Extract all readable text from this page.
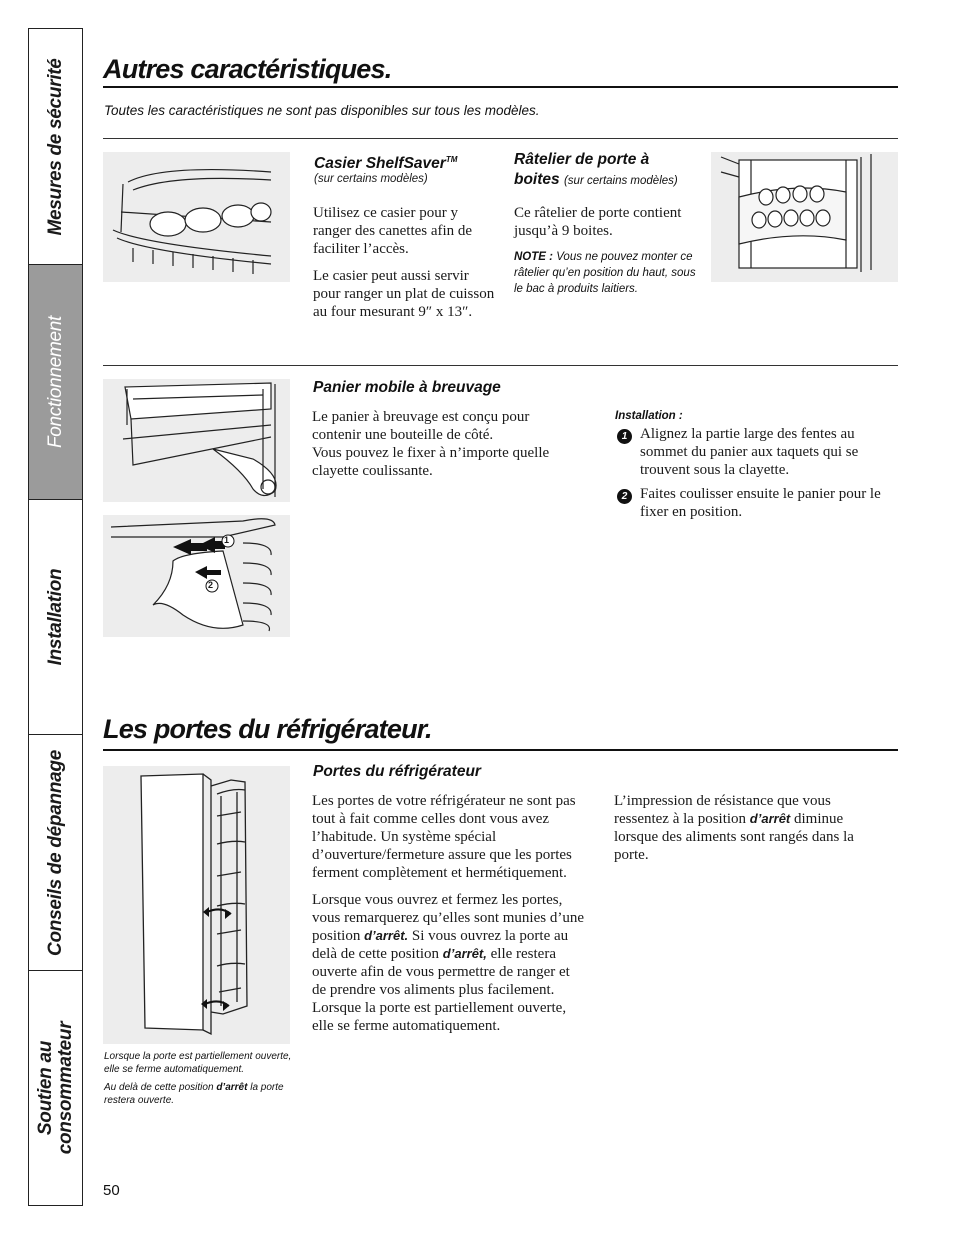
Mesures de sécurité
Fonctionnement
Installation
Conseils de dépannage
Soutien au consommateur
Autres caractéristiques.
Toutes les caractéristiques ne sont pas disponibles sur tous les modèles.
Casier ShelfSaver™
(sur certains modèles)

Utilisez ce casier pour y ranger des canettes afin de faciliter l’accès.

Le casier peut aussi servir pour ranger un plat de cuisson au four mesurant 9″ x 13″.

Râtelier de porte à
boites (sur certains modèles)
Ce râtelier de porte contient jusqu’à 9 boites.
NOTE : Vous ne pouvez monter ce râtelier qu’en position du haut, sous le bac à produits laitiers.
1
2
Panier mobile à breuvage
Le panier à breuvage est conçu pour contenir une bouteille de côté.
Vous pouvez le fixer à n’importe quelle clayette coulissante.
Installation :
1 Alignez la partie large des fentes au sommet du panier aux taquets qui se trouvent sous la clayette.
2 Faites coulisser ensuite le panier pour le fixer en position.
Les portes du réfrigérateur.

Lorsque la porte est partiellement ouverte, elle se ferme automatiquement.

Au delà de cette position d’arrêt la porte restera ouverte.

Portes du réfrigérateur

Les portes de votre réfrigérateur ne sont pas tout à fait comme celles dont vous avez l’habitude. Un système spécial d’ouverture/fermeture assure que les portes ferment complètement et hermétiquement.

Lorsque vous ouvrez et fermez les portes, vous remarquerez qu’elles sont munies d’une position d’arrêt. Si vous ouvrez la porte au delà de cette position d’arrêt, elle restera ouverte afin de vous permettre de ranger et de prendre vos aliments plus facilement. Lorsque la porte est partiellement ouverte, elle se ferme automatiquement.

L’impression de résistance que vous ressentez à la position d’arrêt diminue lorsque des aliments sont rangés dans la porte.

50
